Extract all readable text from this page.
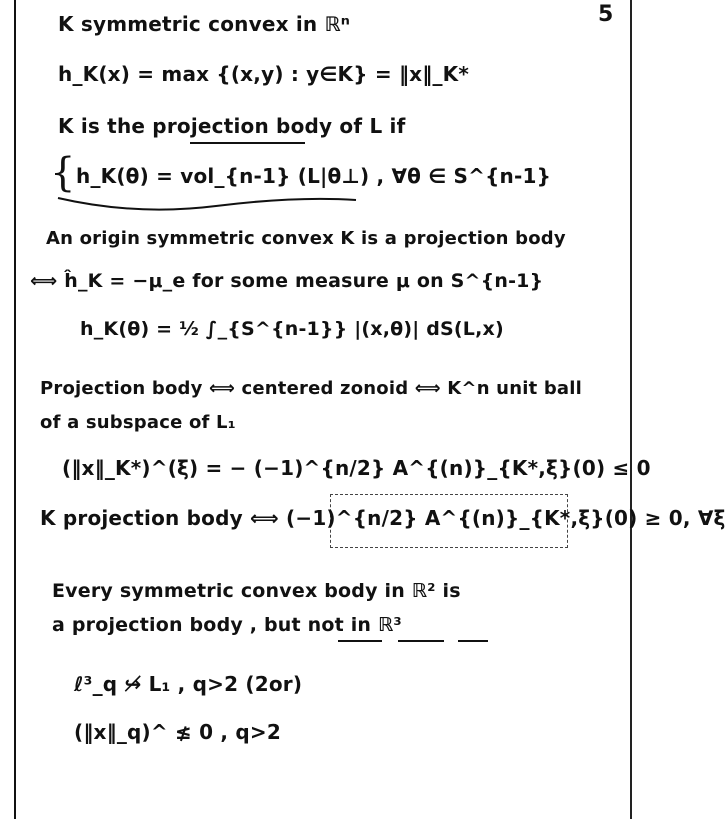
5
K symmetric convex in ℝⁿ
h_K(x) = max {(x,y) : y∈K} = ‖x‖_K*
K is the projection body of L if
{ h_K(θ) = vol_{n-1} (L|θ⊥) , ∀θ ∈ S^{n-1}
An origin symmetric convex K is a projection body
⟺ ĥ_K = −μ_e for some measure μ on S^{n-1}
h_K(θ) = ½ ∫_{S^{n-1}} |(x,θ)| dS(L,x)
Projection body ⟺ centered zonoid ⟺ K^n unit ball
of a subspace of L₁
(‖x‖_K*)^(ξ) = − (−1)^{n/2} A^{(n)}_{K*,ξ}(0) ≤ 0
K projection body ⟺ (−1)^{n/2} A^{(n)}_{K*,ξ}(0) ≥ 0, ∀ξ
Every symmetric convex body in ℝ² is
a projection body , but not in ℝ³
ℓ³_q ↪̸ L₁ , q>2 (2or)
(‖x‖_q)^ ≰ 0 , q>2
